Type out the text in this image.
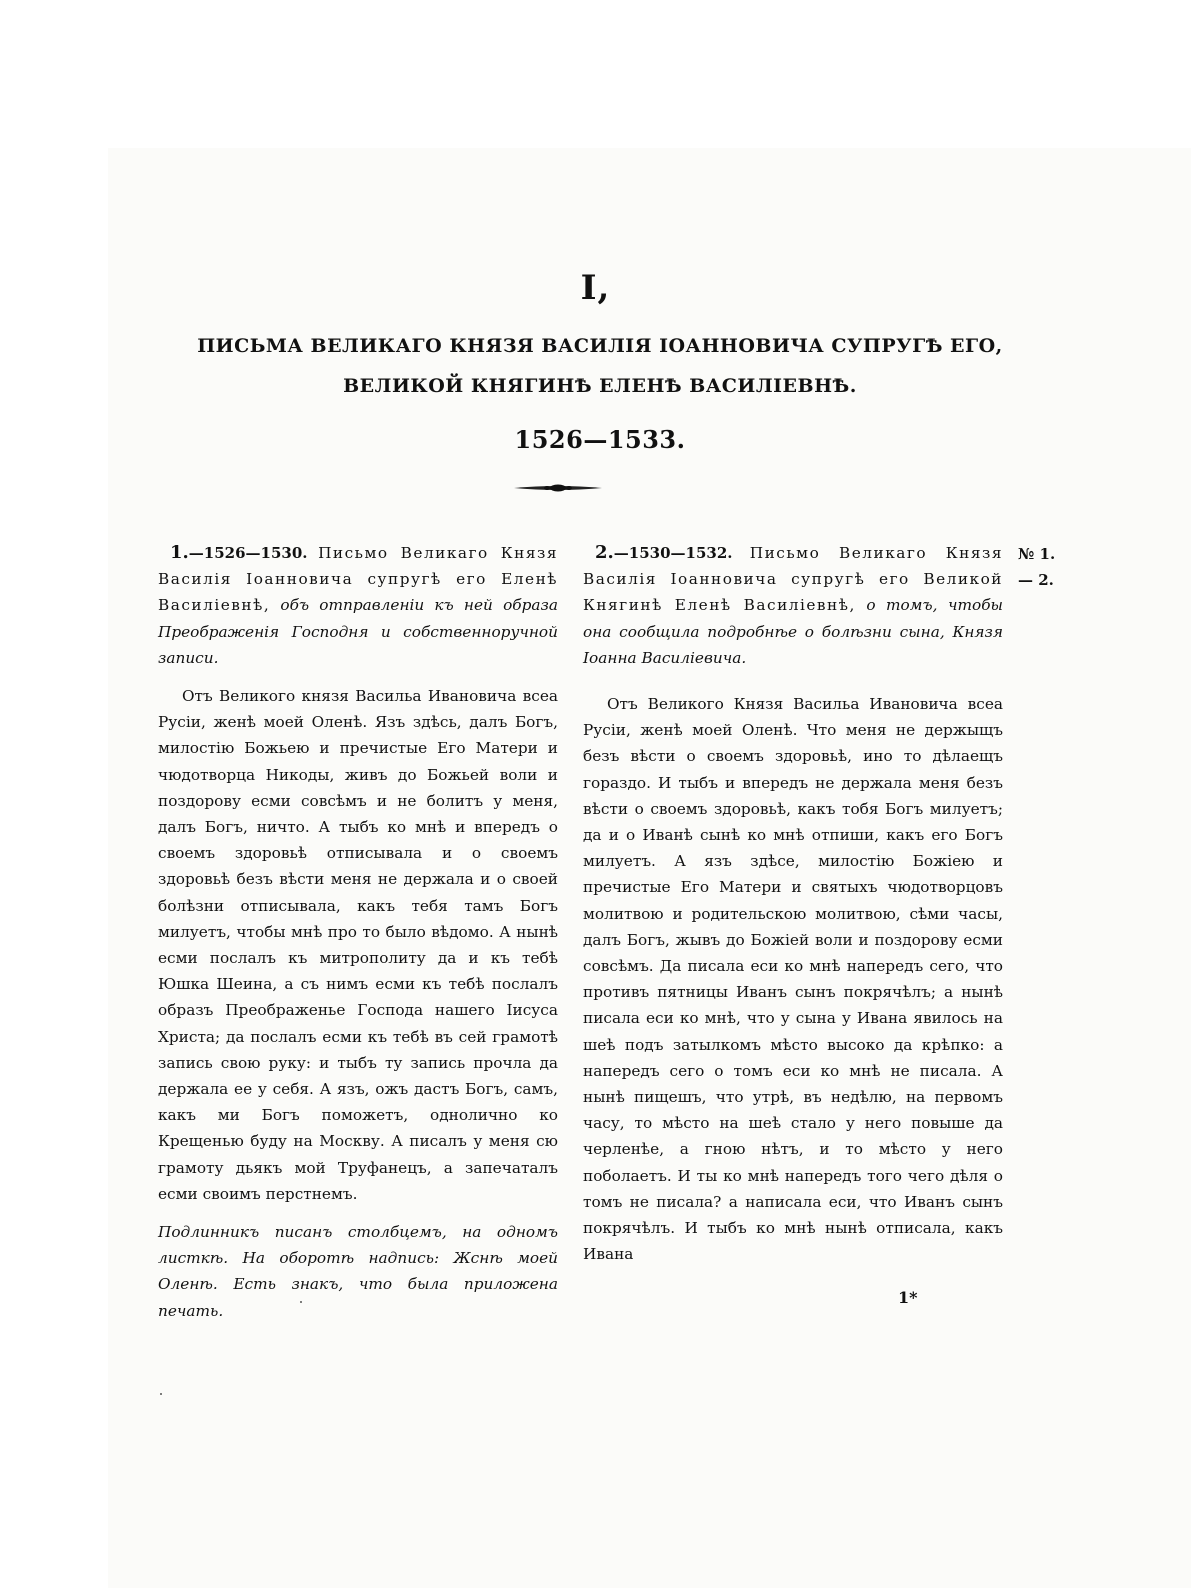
I,
ПИСЬМА ВЕЛИКАГО КНЯЗЯ ВАСИЛІЯ ІОАННОВИЧА СУПРУГѢ ЕГО,
ВЕЛИКОЙ КНЯГИНѢ ЕЛЕНѢ ВАСИЛІЕВНѢ.
1526—1533.

1.—1526—1530. Письмо Великаго Князя Василія Іоанновича супругѣ его Еленѣ Василіевнѣ, объ отправленіи къ ней образа Преображенія Господня и собственноручной записи.

Отъ Великого князя Васильа Ивановича всеа Русіи, женѣ моей Оленѣ. Язъ здѣсь, далъ Богъ, милостію Божьею и пречистые Его Матери и чюдотворца Никоды, живъ до Божьей воли и поздорову есми совсѣмъ и не болитъ у меня, далъ Богъ, ничто. А тыбъ ко мнѣ и впередъ о своемъ здоровьѣ отписывала и о своемъ здоровьѣ безъ вѣсти меня не держала и о своей болѣзни отписывала, какъ тебя тамъ Богъ милуетъ, чтобы мнѣ про то было вѣдомо. А нынѣ есми послалъ къ митрополиту да и къ тебѣ Юшка Шеина, а съ нимъ есми къ тебѣ послалъ образъ Преображенье Господа нашего Іисуса Христа; да послалъ есми къ тебѣ въ сей грамотѣ запись свою руку: и тыбъ ту запись прочла да держала ее у себя. А язъ, ожъ дастъ Богъ, самъ, какъ ми Богъ поможетъ, однолично ко Крещенью буду на Москву. А писалъ у меня сю грамоту дьякъ мой Труфанецъ, а запечаталъ есми своимъ перстнемъ.

Подлинникъ писанъ столбцемъ, на одномъ листкѣ. На оборотѣ надпись: Жснѣ моей Оленѣ. Есть знакъ, что была приложена печать.

2.—1530—1532. Письмо Великаго Князя Василія Іоанновича супругѣ его Великой Княгинѣ Еленѣ Василіевнѣ, о томъ, чтобы она сообщила подробнѣе о болѣзни сына, Князя Іоанна Василіевича.

Отъ Великого Князя Васильа Ивановича всеа Русіи, женѣ моей Оленѣ. Что меня не держыщъ безъ вѣсти о своемъ здоровьѣ, ино то дѣлаещъ гораздо. И тыбъ и впередъ не держала меня безъ вѣсти о своемъ здоровьѣ, какъ тобя Богъ милуетъ; да и о Иванѣ сынѣ ко мнѣ отпиши, какъ его Богъ милуетъ. А язъ здѣсе, милостію Божіею и пречистые Его Матери и святыхъ чюдотворцовъ молитвою и родительскою молитвою, сѣми часы, далъ Богъ, жывъ до Божіей воли и поздорову есми совсѣмъ. Да писала еси ко мнѣ напередъ сего, что противъ пятницы Иванъ сынъ покрячѣлъ; а нынѣ писала еси ко мнѣ, что у сына у Ивана явилось на шеѣ подъ затылкомъ мѣсто высоко да крѣпко: а напередъ сего о томъ еси ко мнѣ не писала. А нынѣ пищешъ, что утрѣ, въ недѣлю, на первомъ часу, то мѣсто на шеѣ стало у него повыше да черленѣе, а гною нѣтъ, и то мѣсто у него поболаетъ. И ты ко мнѣ напередъ того чего дѣля о томъ не писала? а написала еси, что Иванъ сынъ покрячѣлъ. И тыбъ ко мнѣ нынѣ отписала, какъ Ивана

№ 1.
— 2.
1*
